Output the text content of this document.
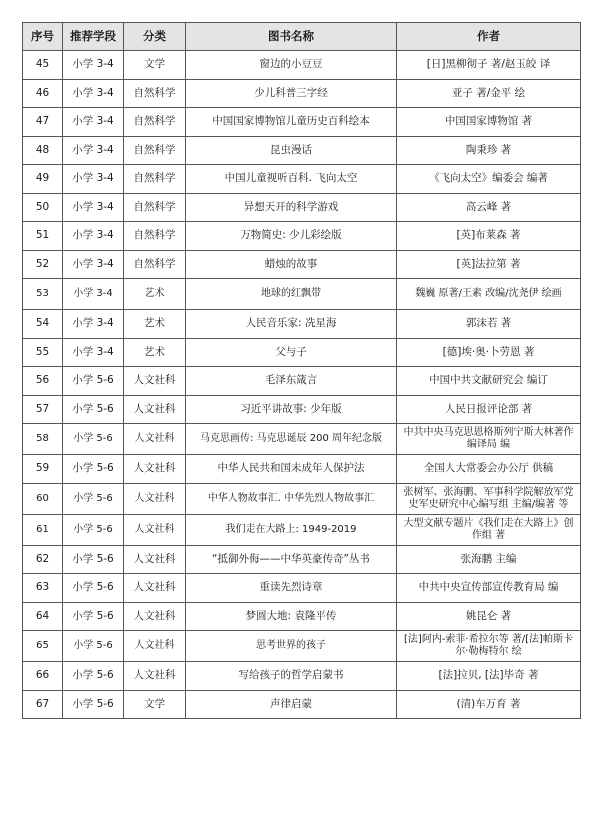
序号	推荐学段	分类	图书名称	作者
45	小学 3-4	文学	窗边的小豆豆	[日]黑柳彻子 著/赵玉皎 译
46	小学 3-4	自然科学	少儿科普三字经	亚子 著/金平 绘
47	小学 3-4	自然科学	中国国家博物馆儿童历史百科绘本	中国国家博物馆 著
48	小学 3-4	自然科学	昆虫漫话	陶秉珍 著
49	小学 3-4	自然科学	中国儿童视听百科. 飞向太空	《飞向太空》编委会 编著
50	小学 3-4	自然科学	异想天开的科学游戏	高云峰 著
51	小学 3-4	自然科学	万物简史: 少儿彩绘版	[英]布莱森 著
52	小学 3-4	自然科学	蜡烛的故事	[英]法拉第 著
53	小学 3-4	艺术	地球的红飘带	魏巍 原著/王素 改编/沈尧伊 绘画
54	小学 3-4	艺术	人民音乐家: 冼星海	郭沫若 著
55	小学 3-4	艺术	父与子	[德]埃·奥·卜劳恩 著
56	小学 5-6	人文社科	毛泽东箴言	中国中共文献研究会 编订
57	小学 5-6	人文社科	习近平讲故事: 少年版	人民日报评论部 著
58	小学 5-6	人文社科	马克思画传: 马克思诞辰 200 周年纪念版	中共中央马克思恩格斯列宁斯大林著作编译局 编
59	小学 5-6	人文社科	中华人民共和国未成年人保护法	全国人大常委会办公厅 供稿
60	小学 5-6	人文社科	中华人物故事汇. 中华先烈人物故事汇	张树军、张海鹏、军事科学院解放军党史军史研究中心编写组 主编/编著 等
61	小学 5-6	人文社科	我们走在大路上: 1949-2019	大型文献专题片《我们走在大路上》创作组 著
62	小学 5-6	人文社科	“抵御外侮——中华英豪传奇”丛书	张海鹏 主编
63	小学 5-6	人文社科	重读先烈诗章	中共中央宣传部宣传教育局 编
64	小学 5-6	人文社科	梦圆大地: 袁隆平传	姚昆仑 著
65	小学 5-6	人文社科	思考世界的孩子	[法]阿内-索菲·希拉尔等 著/[法]帕斯卡尔·勒梅特尔 绘
66	小学 5-6	人文社科	写给孩子的哲学启蒙书	[法]拉贝, [法]毕奇 著
67	小学 5-6	文学	声律启蒙	(清)车万育 著
